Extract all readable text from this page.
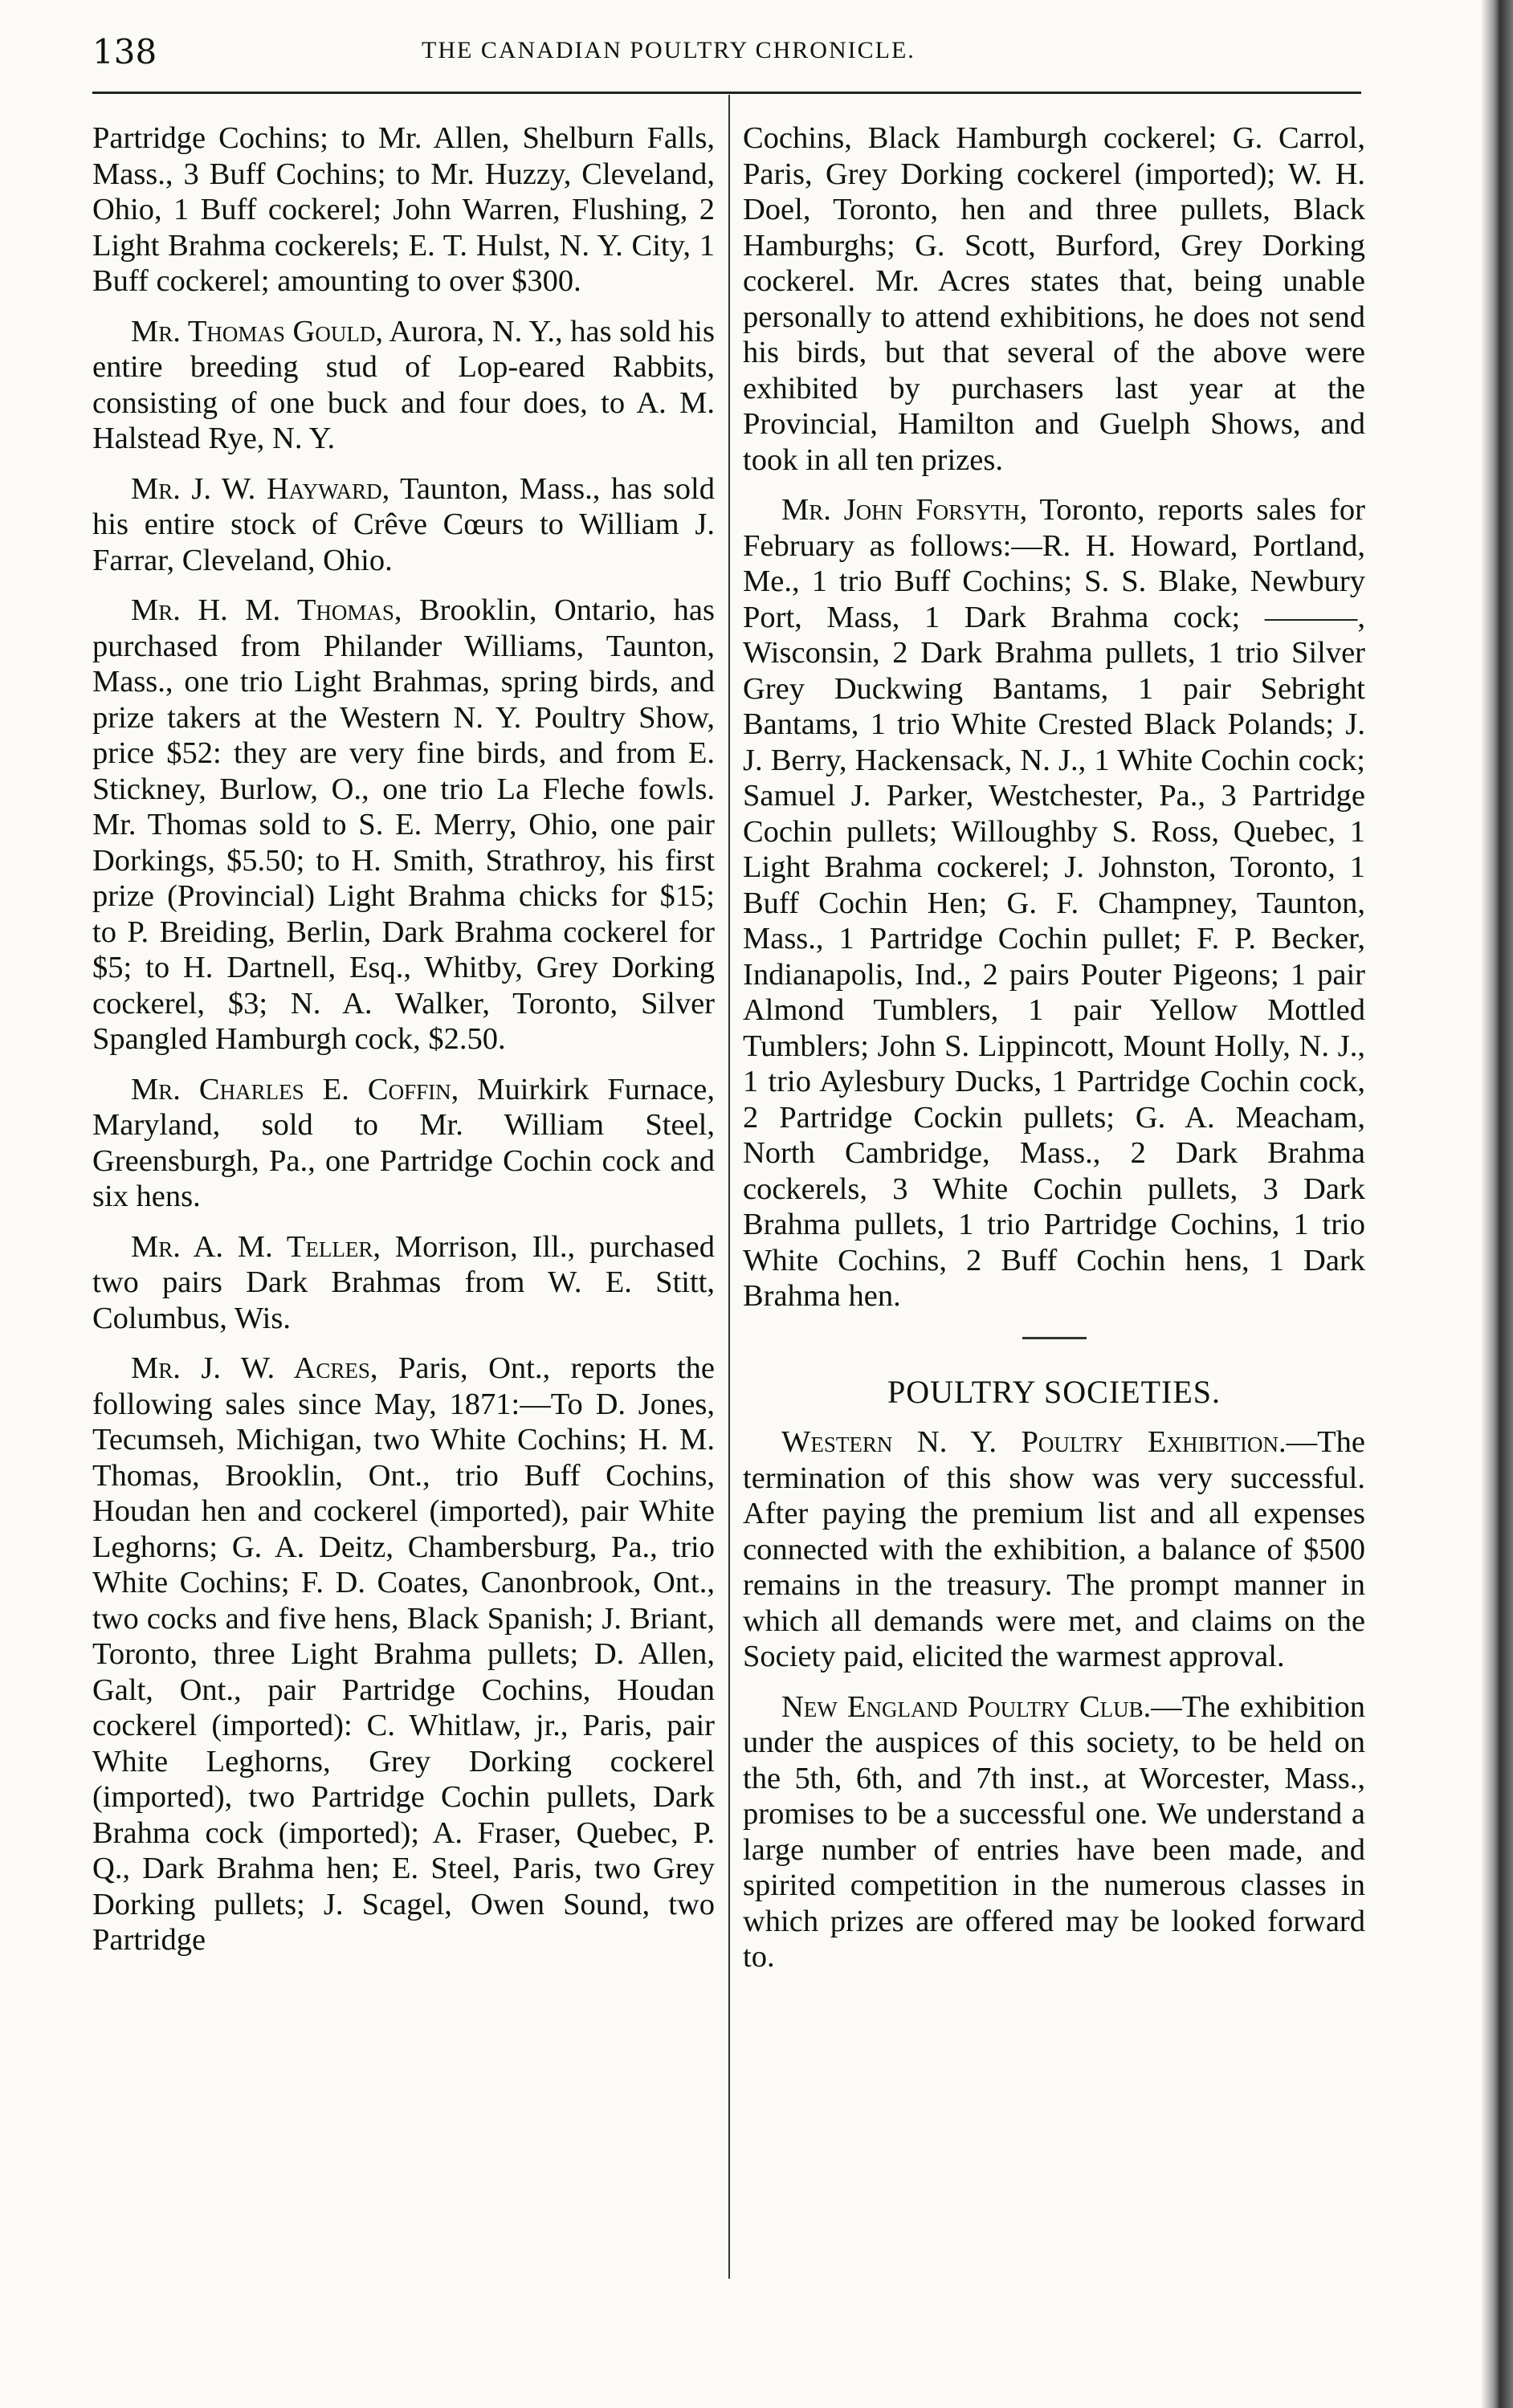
138	THE CANADIAN POULTRY CHRONICLE.

Partridge Cochins; to Mr. Allen, Shelburn Falls, Mass., 3 Buff Cochins; to Mr. Huzzy, Cleveland, Ohio, 1 Buff cockerel; John Warren, Flushing, 2 Light Brahma cockerels; E. T. Hulst, N. Y. City, 1 Buff cockerel; amounting to over $300.

Mr. Thomas Gould, Aurora, N. Y., has sold his entire breeding stud of Lop-eared Rabbits, consisting of one buck and four does, to A. M. Halstead Rye, N. Y.

Mr. J. W. Hayward, Taunton, Mass., has sold his entire stock of Crêve Cœurs to William J. Farrar, Cleveland, Ohio.

Mr. H. M. Thomas, Brooklin, Ontario, has purchased from Philander Williams, Taunton, Mass., one trio Light Brahmas, spring birds, and prize takers at the Western N. Y. Poultry Show, price $52: they are very fine birds, and from E. Stickney, Burlow, O., one trio La Fleche fowls. Mr. Thomas sold to S. E. Merry, Ohio, one pair Dorkings, $5.50; to H. Smith, Strathroy, his first prize (Provincial) Light Brahma chicks for $15; to P. Breiding, Berlin, Dark Brahma cockerel for $5; to H. Dartnell, Esq., Whitby, Grey Dorking cockerel, $3; N. A. Walker, Toronto, Silver Spangled Hamburgh cock, $2.50.

Mr. Charles E. Coffin, Muirkirk Furnace, Maryland, sold to Mr. William Steel, Greensburgh, Pa., one Partridge Cochin cock and six hens.

Mr. A. M. Teller, Morrison, Ill., purchased two pairs Dark Brahmas from W. E. Stitt, Columbus, Wis.

Mr. J. W. Acres, Paris, Ont., reports the following sales since May, 1871:—To D. Jones, Tecumseh, Michigan, two White Cochins; H. M. Thomas, Brooklin, Ont., trio Buff Cochins, Houdan hen and cockerel (imported), pair White Leghorns; G. A. Deitz, Chambersburg, Pa., trio White Cochins; F. D. Coates, Canonbrook, Ont., two cocks and five hens, Black Spanish; J. Briant, Toronto, three Light Brahma pullets; D. Allen, Galt, Ont., pair Partridge Cochins, Houdan cockerel (imported): C. Whitlaw, jr., Paris, pair White Leghorns, Grey Dorking cockerel (imported), two Partridge Cochin pullets, Dark Brahma cock (imported); A. Fraser, Quebec, P. Q., Dark Brahma hen; E. Steel, Paris, two Grey Dorking pullets; J. Scagel, Owen Sound, two Partridge

Cochins, Black Hamburgh cockerel; G. Carrol, Paris, Grey Dorking cockerel (imported); W. H. Doel, Toronto, hen and three pullets, Black Hamburghs; G. Scott, Burford, Grey Dorking cockerel. Mr. Acres states that, being unable personally to attend exhibitions, he does not send his birds, but that several of the above were exhibited by purchasers last year at the Provincial, Hamilton and Guelph Shows, and took in all ten prizes.

Mr. John Forsyth, Toronto, reports sales for February as follows:—R. H. Howard, Portland, Me., 1 trio Buff Cochins; S. S. Blake, Newbury Port, Mass, 1 Dark Brahma cock; ———, Wisconsin, 2 Dark Brahma pullets, 1 trio Silver Grey Duckwing Bantams, 1 pair Sebright Bantams, 1 trio White Crested Black Polands; J. J. Berry, Hackensack, N. J., 1 White Cochin cock; Samuel J. Parker, Westchester, Pa., 3 Partridge Cochin pullets; Willoughby S. Ross, Quebec, 1 Light Brahma cockerel; J. Johnston, Toronto, 1 Buff Cochin Hen; G. F. Champney, Taunton, Mass., 1 Partridge Cochin pullet; F. P. Becker, Indianapolis, Ind., 2 pairs Pouter Pigeons; 1 pair Almond Tumblers, 1 pair Yellow Mottled Tumblers; John S. Lippincott, Mount Holly, N. J., 1 trio Aylesbury Ducks, 1 Partridge Cochin cock, 2 Partridge Cockin pullets; G. A. Meacham, North Cambridge, Mass., 2 Dark Brahma cockerels, 3 White Cochin pullets, 3 Dark Brahma pullets, 1 trio Partridge Cochins, 1 trio White Cochins, 2 Buff Cochin hens, 1 Dark Brahma hen.

POULTRY SOCIETIES.

Western N. Y. Poultry Exhibition.—The termination of this show was very successful. After paying the premium list and all expenses connected with the exhibition, a balance of $500 remains in the treasury. The prompt manner in which all demands were met, and claims on the Society paid, elicited the warmest approval.

New England Poultry Club.—The exhibition under the auspices of this society, to be held on the 5th, 6th, and 7th inst., at Worcester, Mass., promises to be a successful one. We understand a large number of entries have been made, and spirited competition in the numerous classes in which prizes are offered may be looked forward to.
